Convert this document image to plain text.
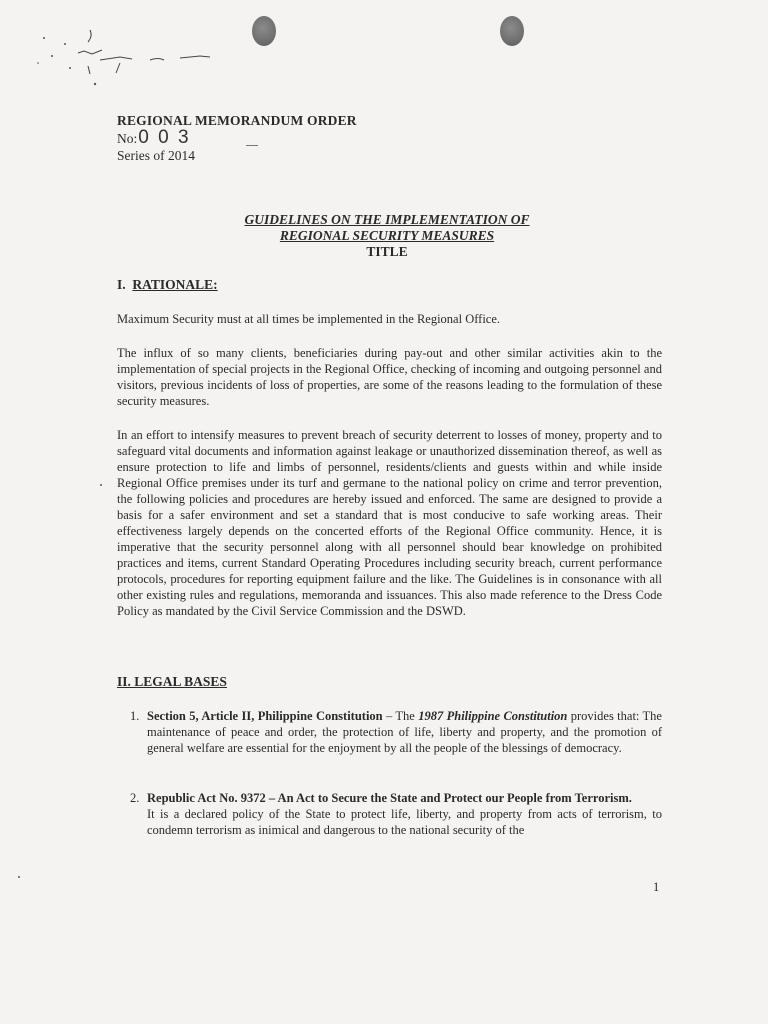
REGIONAL MEMORANDUM ORDER
No: 0 0 3
Series of 2014
GUIDELINES ON THE IMPLEMENTATION OF
REGIONAL SECURITY MEASURES
TITLE
I. RATIONALE:

Maximum Security must at all times be implemented in the Regional Office.

The influx of so many clients, beneficiaries during pay-out and other similar activities akin to the implementation of special projects in the Regional Office, checking of incoming and outgoing personnel and visitors, previous incidents of loss of properties, are some of the reasons leading to the formulation of these security measures.

In an effort to intensify measures to prevent breach of security deterrent to losses of money, property and to safeguard vital documents and information against leakage or unauthorized dissemination thereof, as well as ensure protection to life and limbs of personnel, residents/clients and guests within and while inside Regional Office premises under its turf and germane to the national policy on crime and terror prevention, the following policies and procedures are hereby issued and enforced. The same are designed to provide a basis for a safer environment and set a standard that is most conducive to safe working areas. Their effectiveness largely depends on the concerted efforts of the Regional Office community. Hence, it is imperative that the security personnel along with all personnel should bear knowledge on prohibited practices and items, current Standard Operating Procedures including security breach, current performance protocols, procedures for reporting equipment failure and the like. The Guidelines is in consonance with all other existing rules and regulations, memoranda and issuances. This also made reference to the Dress Code Policy as mandated by the Civil Service Commission and the DSWD.

II. LEGAL BASES
1. Section 5, Article II, Philippine Constitution – The 1987 Philippine Constitution provides that: The maintenance of peace and order, the protection of life, liberty and property, and the promotion of general welfare are essential for the enjoyment by all the people of the blessings of democracy.
2. Republic Act No. 9372 – An Act to Secure the State and Protect our People from Terrorism.
It is a declared policy of the State to protect life, liberty, and property from acts of terrorism, to condemn terrorism as inimical and dangerous to the national security of the
1
